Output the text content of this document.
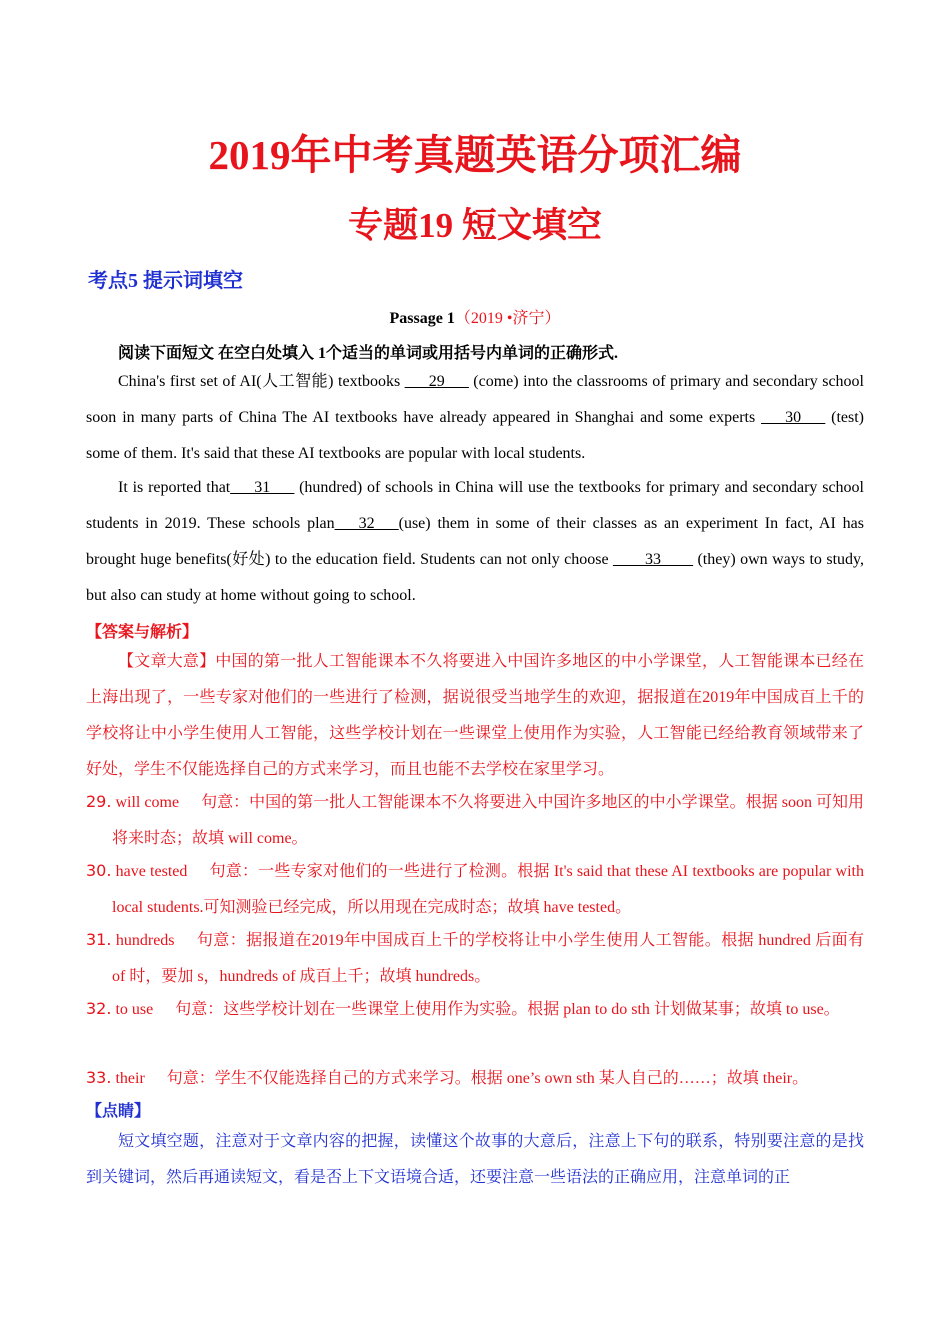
2019年中考真题英语分项汇编
专题19 短文填空
考点5 提示词填空
Passage 1（2019 •济宁）
阅读下面短文 在空白处填入 1个适当的单词或用括号内单词的正确形式.
China's first set of AI(人工智能) textbooks ___29___ (come) into the classrooms of primary and secondary school soon in many parts of China The AI textbooks have already appeared in Shanghai and some experts ___30___ (test) some of them. It's said that these AI textbooks are popular with local students.
It is reported that___31___ (hundred) of schools in China will use the textbooks for primary and secondary school students in 2019. These schools plan___32___(use) them in some of their classes as an experiment In fact, AI has brought huge benefits(好处) to the education field. Students can not only choose ____33____ (they) own ways to study, but also can study at home without going to school.
【答案与解析】
【文章大意】中国的第一批人工智能课本不久将要进入中国许多地区的中小学课堂，人工智能课本已经在上海出现了，一些专家对他们的一些进行了检测，据说很受当地学生的欢迎，据报道在2019年中国成百上千的学校将让中小学生使用人工智能，这些学校计划在一些课堂上使用作为实验，人工智能已经给教育领域带来了好处，学生不仅能选择自己的方式来学习，而且也能不去学校在家里学习。
29. will come 句意：中国的第一批人工智能课本不久将要进入中国许多地区的中小学课堂。根据 soon 可知用将来时态；故填 will come。
30. have tested 句意：一些专家对他们的一些进行了检测。根据 It's said that these AI textbooks are popular with local students.可知测验已经完成，所以用现在完成时态；故填 have tested。
31. hundreds 句意：据报道在2019年中国成百上千的学校将让中小学生使用人工智能。根据 hundred 后面有 of 时，要加 s，hundreds of 成百上千；故填 hundreds。
32. to use 句意：这些学校计划在一些课堂上使用作为实验。根据 plan to do sth 计划做某事；故填 to use。
33. their 句意：学生不仅能选择自己的方式来学习。根据 one’s own sth 某人自己的……；故填 their。
【点睛】
短文填空题，注意对于文章内容的把握，读懂这个故事的大意后，注意上下句的联系，特别要注意的是找到关键词，然后再通读短文，看是否上下文语境合适，还要注意一些语法的正确应用，注意单词的正
